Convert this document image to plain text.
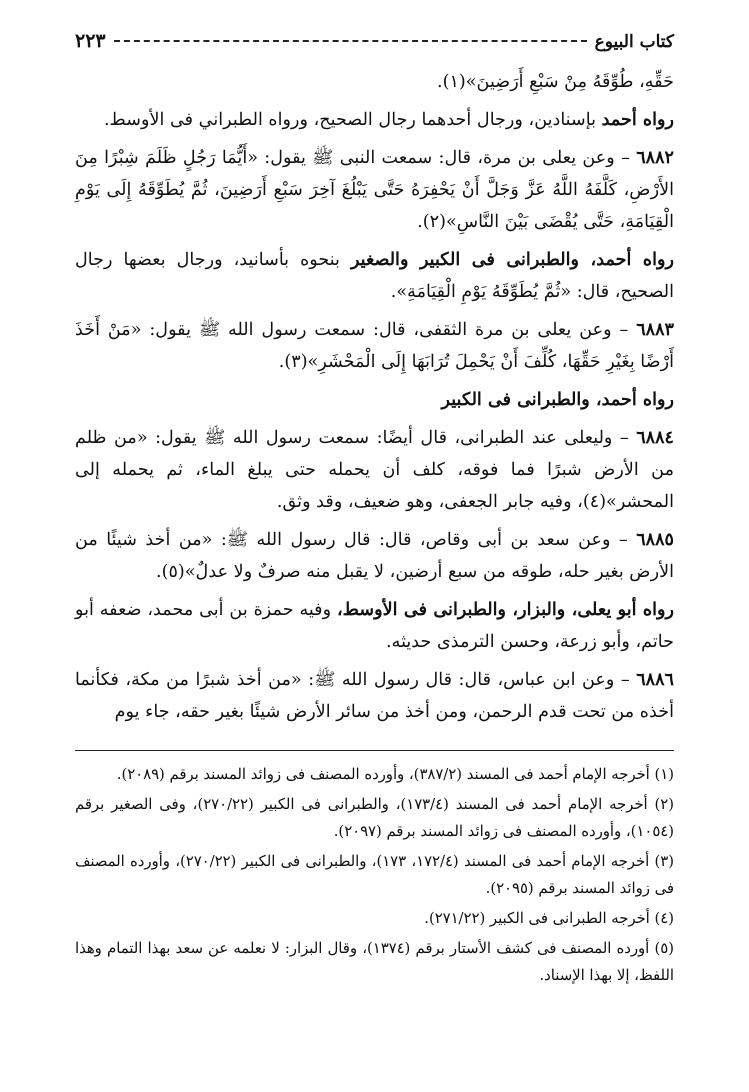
كتاب البيوع
٢٢٣

حَقِّهِ، طُوِّقَهُ مِنْ سَبْعِ أَرَضِينَ»(١).

رواه أحمد بإسنادين، ورجال أحدهما رجال الصحيح، ورواه الطبراني فى الأوسط.

٦٨٨٢ – وعن يعلى بن مرة، قال: سمعت النبى ﷺ يقول: «أَيُّمَا رَجُلٍ ظَلَمَ شِبْرًا مِنَ الأَرْضِ، كَلَّفَهُ اللَّهُ عَزَّ وَجَلَّ أَنْ يَحْفِرَهُ حَتَّى يَبْلُغَ آخِرَ سَبْعِ أَرَضِينَ، ثُمَّ يُطَوِّقَهُ إِلَى يَوْمِ الْقِيَامَةِ، حَتَّى يُقْضَى بَيْنَ النَّاسِ»(٢).

رواه أحمد، والطبرانى فى الكبير والصغير بنحوه بأسانيد، ورجال بعضها رجال الصحيح، قال: «ثُمَّ يُطَوِّقَهُ يَوْمِ الْقِيَامَةِ».

٦٨٨٣ – وعن يعلى بن مرة الثقفى، قال: سمعت رسول الله ﷺ يقول: «مَنْ أَخَذَ أَرْضًا بِغَيْرِ حَقِّهَا، كُلِّفَ أَنْ يَحْمِلَ تُرَابَهَا إِلَى الْمَحْشَرِ»(٣).

رواه أحمد، والطبرانى فى الكبير

٦٨٨٤ – وليعلى عند الطبرانى، قال أيضًا: سمعت رسول الله ﷺ يقول: «من ظلم من الأرض شبرًا فما فوقه، كلف أن يحمله حتى يبلغ الماء، ثم يحمله إلى المحشر»(٤)، وفيه جابر الجعفى، وهو ضعيف، وقد وثق.

٦٨٨٥ – وعن سعد بن أبى وقاص، قال: قال رسول الله ﷺ: «من أخذ شيئًا من الأرض بغير حله، طوقه من سبع أرضين، لا يقبل منه صرفٌ ولا عدلٌ»(٥).

رواه أبو يعلى، والبزار، والطبرانى فى الأوسط، وفيه حمزة بن أبى محمد، ضعفه أبو حاتم، وأبو زرعة، وحسن الترمذى حديثه.

٦٨٨٦ – وعن ابن عباس، قال: قال رسول الله ﷺ: «من أخذ شبرًا من مكة، فكأنما أخذه من تحت قدم الرحمن، ومن أخذ من سائر الأرض شيئًا بغير حقه، جاء يوم

(١) أخرجه الإمام أحمد فى المسند (٣٨٧/٢)، وأورده المصنف فى زوائد المسند برقم (٢٠٨٩).

(٢) أخرجه الإمام أحمد فى المسند (١٧٣/٤)، والطبرانى فى الكبير (٢٧٠/٢٢)، وفى الصغير برقم (١٠٥٤)، وأورده المصنف فى زوائد المسند برقم (٢٠٩٧).

(٣) أخرجه الإمام أحمد فى المسند (١٧٢/٤، ١٧٣)، والطبرانى فى الكبير (٢٧٠/٢٢)، وأورده المصنف فى زوائد المسند برقم (٢٠٩٥).

(٤) أخرجه الطبرانى فى الكبير (٢٧١/٢٢).

(٥) أورده المصنف فى كشف الأستار برقم (١٣٧٤)، وقال البزار: لا نعلمه عن سعد بهذا التمام وهذا اللفظ، إلا بهذا الإسناد.
